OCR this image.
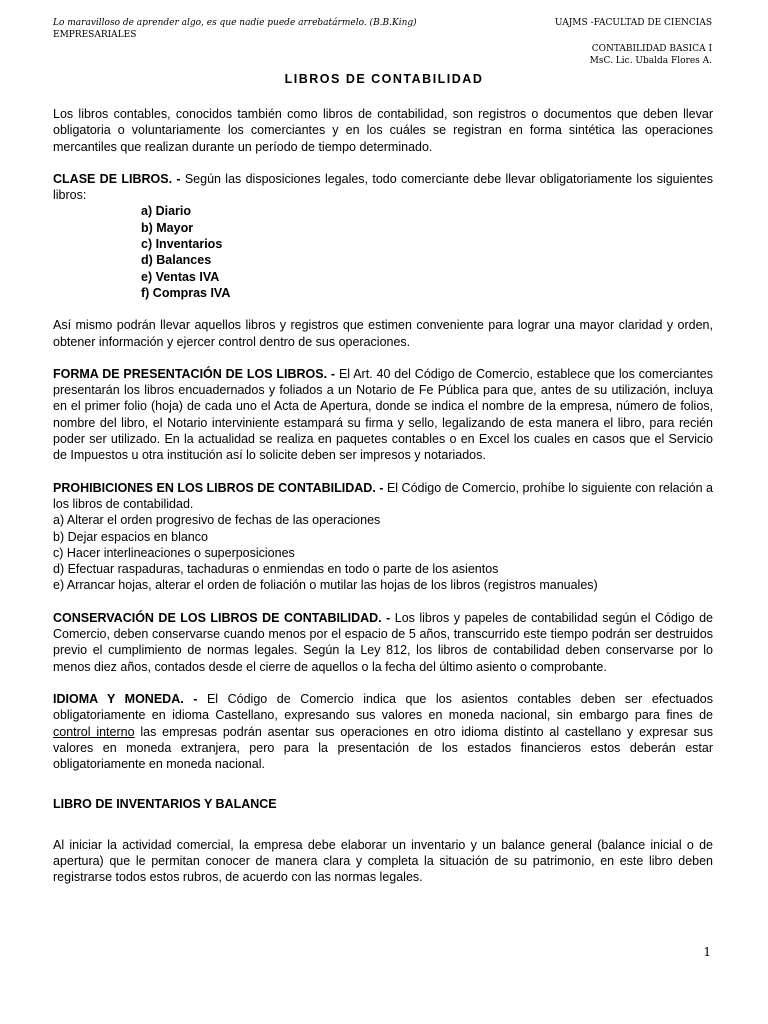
Lo maravilloso de aprender algo, es que nadie puede arrebatármelo. (B.B.King)	UAJMS -FACULTAD DE CIENCIAS
EMPRESARIALES
CONTABILIDAD BASICA I
MsC. Lic. Ubalda Flores A.
LIBROS DE CONTABILIDAD

Los libros contables, conocidos también como libros de contabilidad, son registros o documentos que deben llevar obligatoria o voluntariamente los comerciantes y en los cuáles se registran en forma sintética las operaciones mercantiles que realizan durante un período de tiempo determinado.

CLASE DE LIBROS. - Según las disposiciones legales, todo comerciante debe llevar obligatoriamente los siguientes libros:

a) Diario
b) Mayor
c) Inventarios
d) Balances
e) Ventas IVA
f) Compras IVA

Así mismo podrán llevar aquellos libros y registros que estimen conveniente para lograr una mayor claridad y orden, obtener información y ejercer control dentro de sus operaciones.

FORMA DE PRESENTACIÓN DE LOS LIBROS. - El Art. 40 del Código de Comercio, establece que los comerciantes presentarán los libros encuadernados y foliados a un Notario de Fe Pública para que, antes de su utilización, incluya en el primer folio (hoja) de cada uno el Acta de Apertura, donde se indica el nombre de la empresa, número de folios, nombre del libro, el Notario interviniente estampará su firma y sello, legalizando de esta manera el libro, para recién poder ser utilizado. En la actualidad se realiza en paquetes contables o en Excel los cuales en casos que el Servicio de Impuestos u otra institución así lo solicite deben ser impresos y notariados.

PROHIBICIONES EN LOS LIBROS DE CONTABILIDAD. - El Código de Comercio, prohíbe lo siguiente con relación a los libros de contabilidad.

a) Alterar el orden progresivo de fechas de las operaciones
b) Dejar espacios en blanco
c) Hacer interlineaciones o superposiciones
d) Efectuar raspaduras, tachaduras o enmiendas en todo o parte de los asientos
e) Arrancar hojas, alterar el orden de foliación o mutilar las hojas de los libros (registros manuales)

CONSERVACIÓN DE LOS LIBROS DE CONTABILIDAD. - Los libros y papeles de contabilidad según el Código de Comercio, deben conservarse cuando menos por el espacio de 5 años, transcurrido este tiempo podrán ser destruidos previo el cumplimiento de normas legales. Según la Ley 812, los libros de contabilidad deben conservarse por lo menos diez años, contados desde el cierre de aquellos o la fecha del último asiento o comprobante.

IDIOMA Y MONEDA. - El Código de Comercio indica que los asientos contables deben ser efectuados obligatoriamente en idioma Castellano, expresando sus valores en moneda nacional, sin embargo para fines de control interno las empresas podrán asentar sus operaciones en otro idioma distinto al castellano y expresar sus valores en moneda extranjera, pero para la presentación de los estados financieros estos deberán estar obligatoriamente en moneda nacional.

LIBRO DE INVENTARIOS Y BALANCE

Al iniciar la actividad comercial, la empresa debe elaborar un inventario y un balance general (balance inicial o de apertura) que le permitan conocer de manera clara y completa la situación de su patrimonio, en este libro deben registrarse todos estos rubros, de acuerdo con las normas legales.

1
